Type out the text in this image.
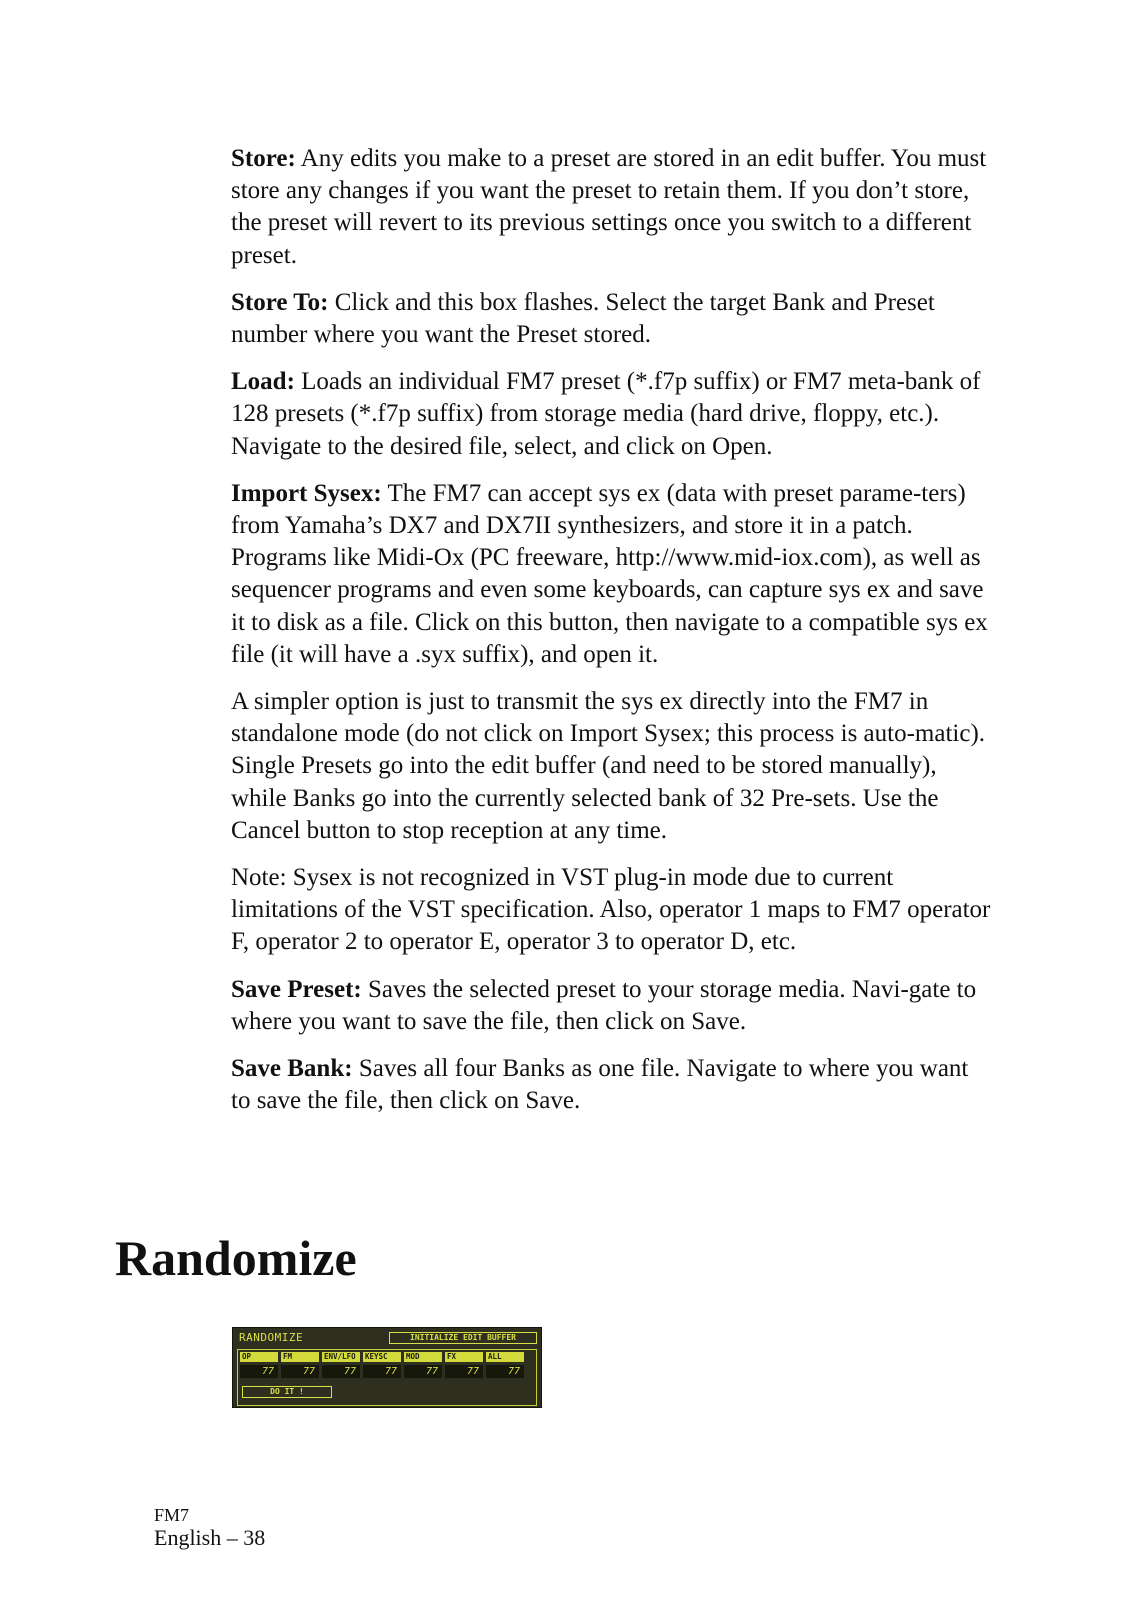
Store: Any edits you make to a preset are stored in an edit buffer. You must store any changes if you want the preset to retain them. If you don’t store, the preset will revert to its previous settings once you switch to a different preset.

Store To: Click and this box flashes. Select the target Bank and Preset number where you want the Preset stored.

Load: Loads an individual FM7 preset (*.f7p suffix) or FM7 meta-bank of 128 presets (*.f7p suffix) from storage media (hard drive, floppy, etc.). Navigate to the desired file, select, and click on Open.

Import Sysex: The FM7 can accept sys ex (data with preset parame-ters) from Yamaha’s DX7 and DX7II synthesizers, and store it in a patch. Programs like Midi-Ox (PC freeware, http://www.mid-iox.com), as well as sequencer programs and even some keyboards, can capture sys ex and save it to disk as a file. Click on this button, then navigate to a compatible sys ex file (it will have a .syx suffix), and open it.

A simpler option is just to transmit the sys ex directly into the FM7 in standalone mode (do not click on Import Sysex; this process is auto-matic). Single Presets go into the edit buffer (and need to be stored manually), while Banks go into the currently selected bank of 32 Pre-sets. Use the Cancel button to stop reception at any time.

Note: Sysex is not recognized in VST plug-in mode due to current limitations of the VST specification. Also, operator 1 maps to FM7 operator F, operator 2 to operator E, operator 3 to operator D, etc.

Save Preset: Saves the selected preset to your storage media. Navi-gate to where you want to save the file, then click on Save.

Save Bank: Saves all four Banks as one file. Navigate to where you want to save the file, then click on Save.

Randomize
RANDOMIZE	INITIALIZE EDIT BUFFER
OP
77
FM
77
ENV/LFO
77
KEYSC
77
MOD
77
FX
77
ALL
77
DO IT !
FM7
English – 38
